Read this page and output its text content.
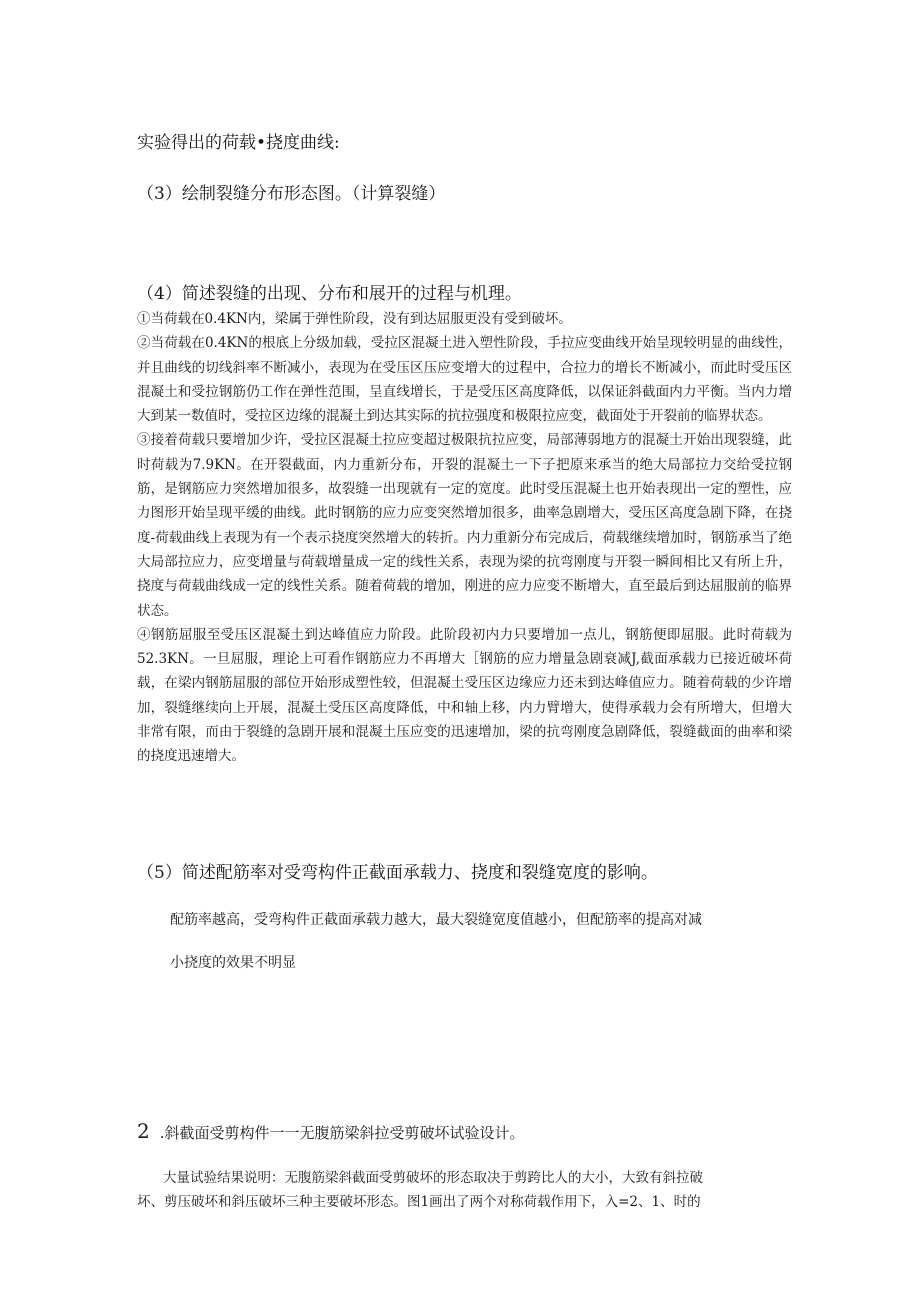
实验得出的荷载•挠度曲线:
（3）绘制裂缝分布形态图。（计算裂缝）
（4）简述裂缝的出现、分布和展开的过程与机理。
①当荷载在0.4KN内，梁属于弹性阶段，没有到达屈服更没有受到破坏。
②当荷载在0.4KN的根底上分级加载，受拉区混凝土进入塑性阶段，手拉应变曲线开始呈现较明显的曲线性，并且曲线的切线斜率不断减小，表现为在受压区压应变增大的过程中，合拉力的增长不断减小，而此时受压区混凝土和受拉钢筋仍工作在弹性范围，呈直线增长，于是受压区高度降低，以保证斜截面内力平衡。当内力增大到某一数值时，受拉区边缘的混凝土到达其实际的抗拉强度和极限拉应变，截面处于开裂前的临界状态。
③接着荷载只要增加少许，受拉区混凝土拉应变超过极限抗拉应变，局部薄弱地方的混凝土开始出现裂缝，此时荷载为7.9KN。在开裂截面，内力重新分布，开裂的混凝土一下子把原来承当的绝大局部拉力交给受拉钢筋，是钢筋应力突然增加很多，故裂缝一出现就有一定的宽度。此时受压混凝土也开始表现出一定的塑性，应力图形开始呈现平缓的曲线。此时钢筋的应力应变突然增加很多，曲率急剧增大，受压区高度急剧下降，在挠度-荷载曲线上表现为有一个表示挠度突然增大的转折。内力重新分布完成后，荷载继续增加时，钢筋承当了绝大局部拉应力，应变增量与荷载增量成一定的线性关系，表现为梁的抗弯刚度与开裂一瞬间相比又有所上升，挠度与荷载曲线成一定的线性关系。随着荷载的增加，刚进的应力应变不断增大，直至最后到达屈服前的临界状态。
④钢筋屈服至受压区混凝土到达峰值应力阶段。此阶段初内力只要增加一点儿，钢筋便即屈服。此时荷载为52.3KN。一旦屈服，理论上可看作钢筋应力不再增大［钢筋的应力增量急剧衰减J,截面承载力已接近破坏荷载，在梁内钢筋屈服的部位开始形成塑性较，但混凝土受压区边缘应力还未到达峰值应力。随着荷载的少许增加，裂缝继续向上开展，混凝土受压区高度降低，中和轴上移，内力臂增大，使得承载力会有所增大，但增大非常有限，而由于裂缝的急剧开展和混凝土压应变的迅速增加，梁的抗弯刚度急剧降低，裂缝截面的曲率和梁的挠度迅速增大。
（5）简述配筋率对受弯构件正截面承载力、挠度和裂缝宽度的影响。
配筋率越高，受弯构件正截面承载力越大，最大裂缝宽度值越小，但配筋率的提高对减
小挠度的效果不明显
2 .斜截面受剪构件一一无腹筋梁斜拉受剪破坏试验设计。
大量试验结果说明：无腹筋梁斜截面受剪破坏的形态取决于剪跨比人的大小，大致有斜拉破
坏、剪压破坏和斜压破坏三种主要破坏形态。图1画出了两个对称荷载作用下，入=2、1、时的
